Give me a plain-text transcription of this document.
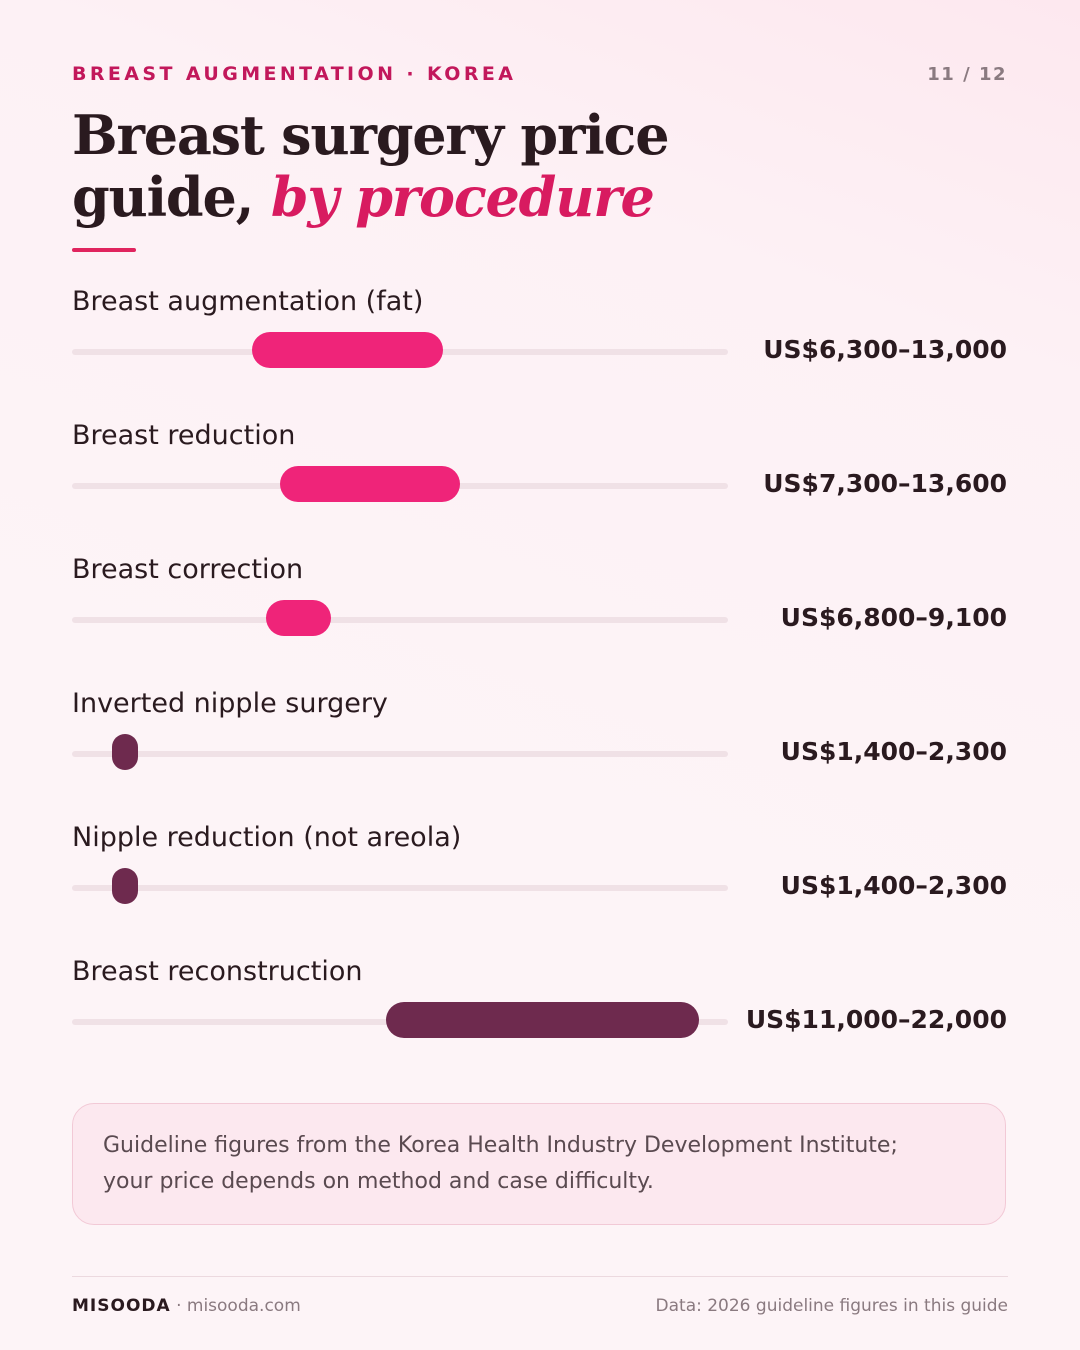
BREAST AUGMENTATION · KOREA	11 / 12
Breast surgery price
guide, by procedure
Breast augmentation (fat)
US$6,300–13,000
Breast reduction
US$7,300–13,600
Breast correction
US$6,800–9,100
Inverted nipple surgery
US$1,400–2,300
Nipple reduction (not areola)
US$1,400–2,300
Breast reconstruction
US$11,000–22,000

Guideline figures from the Korea Health Industry Development Institute; your price depends on method and case difficulty.

MISOODA · misooda.com	Data: 2026 guideline figures in this guide
